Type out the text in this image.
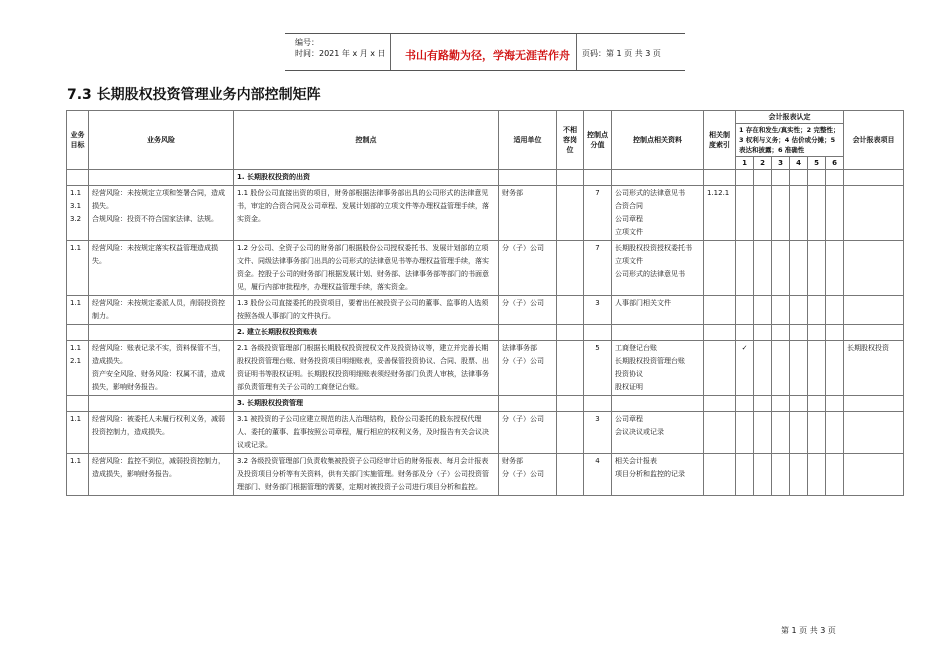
编号：
时间：2021 年 x 月 x 日 书山有路勤为径，学海无涯苦作舟 页码：第 1 页 共 3 页
7.3 长期股权投资管理业务内部控制矩阵
业务目标	业务风险	控制点	适用单位	不相容岗位	控制点分值	控制点相关资料	相关制度索引	会计报表认定						会计报表项目
								1 存在和发生/真实性；2 完整性；3 权利与义务；4 估价或分摊；5 表达和披露；6 准确性						
								1	2	3	4	5	6	
		1. 长期股权投资的出资												
1.1
3.1
3.2	经营风险：未按规定立项和签署合同，造成损失。
合规风险：投资不符合国家法律、法规。	1.1 股份公司直接出资的项目，财务部根据法律事务部出具的公司形式的法律意见书，审定的合资合同及公司章程、发展计划部的立项文件等办理权益管理手续，落实资金。	财务部		7	公司形式的法律意见书
合资合同
公司章程
立项文件	1.12.1							
1.1	经营风险：未按规定落实权益管理造成损失。	1.2 分公司、全资子公司的财务部门根据股份公司授权委托书、发展计划部的立项文件、同级法律事务部门出具的公司形式的法律意见书等办理权益管理手续，落实资金。控股子公司的财务部门根据发展计划、财务部、法律事务部等部门的书面意见，履行内部审批程序，办理权益管理手续，落实资金。	分（子）公司		7	长期股权投资授权委托书
立项文件
公司形式的法律意见书								
1.1	经营风险：未按规定委派人员，削弱投资控制力。	1.3 股份公司直接委托的投资项目，要着出任被投资子公司的董事、监事的人选须按照各级人事部门的文件执行。	分（子）公司		3	人事部门相关文件								
		2. 建立长期股权投资账表												
1.1
2.1	经营风险：账表记录不实，资料保管不当，造成损失。
资产安全风险、财务风险：权属不清，造成损失，影响财务报告。	2.1 各级投资管理部门根据长期股权投资授权文件及投资协议等，建立并完善长期股权投资管理台账、财务投资项目明细账表，妥善保管投资协议、合同、股票、出资证明书等股权证明。长期股权投资明细账表须经财务部门负责人审核，法律事务部负责管理有关子公司的工商登记台账。	法律事务部
分（子）公司		5	工商登记台账
长期股权投资管理台账
投资协议
股权证明		✓						长期股权投资
		3. 长期股权投资管理												
1.1	经营风险：被委托人未履行权利义务，减弱投资控制力，造成损失。	3.1 被投资的子公司应建立规范的法人治理结构，股份公司委托的股东授权代理人、委托的董事、监事按照公司章程，履行相应的权利义务，及时报告有关会议决议或记录。	分（子）公司		3	公司章程
会议决议或记录								
1.1	经营风险：监控不到位，减弱投资控制力，造成损失，影响财务报告。	3.2 各级投资管理部门负责收集被投资子公司经审计后的财务报表、每月会计报表及投资项目分析等有关资料，供有关部门实施管理。财务部及分（子）公司投资管理部门、财务部门根据管理的需要，定期对被投资子公司进行项目分析和监控。	财务部
分（子）公司		4	相关会计报表
项目分析和监控的记录								
第 1 页 共 3 页
